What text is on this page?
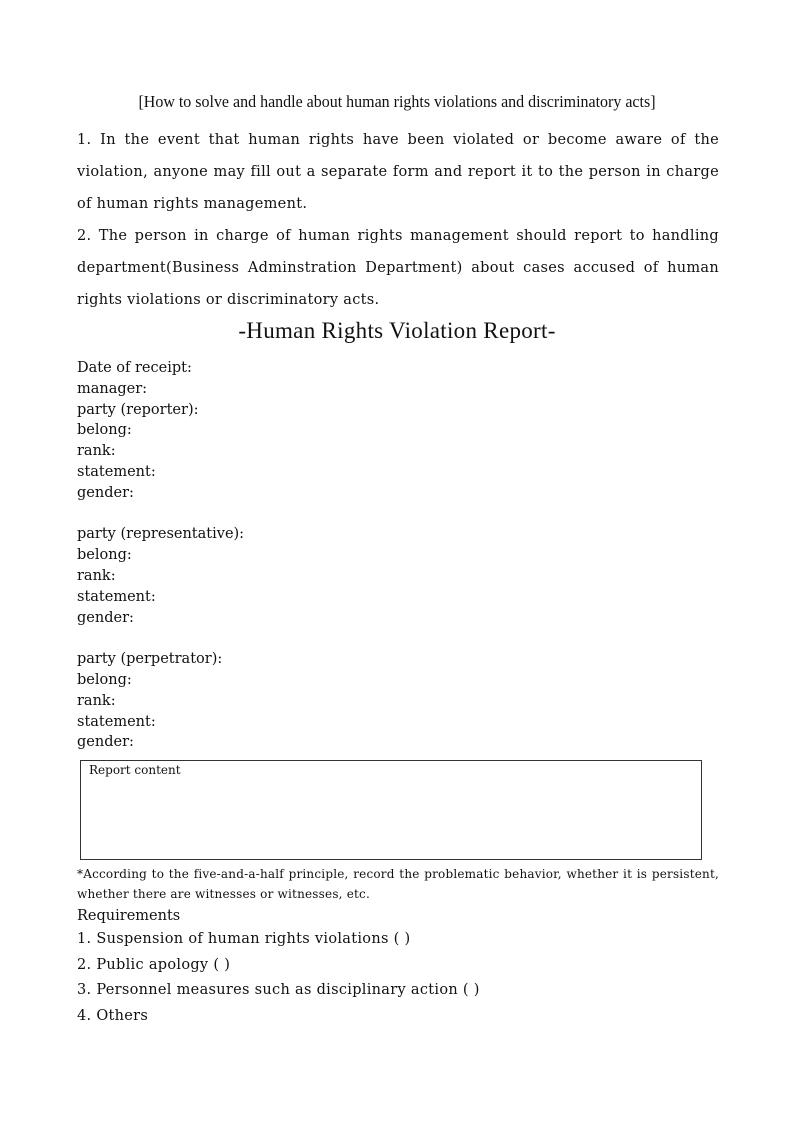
[How to solve and handle about human rights violations and discriminatory acts]

1. In the event that human rights have been violated or become aware of the violation, anyone may fill out a separate form and report it to the person in charge of human rights management.

2. The person in charge of human rights management should report to handling department(Business Adminstration Department) about cases accused of human rights violations or discriminatory acts.

-Human Rights Violation Report-
Date of receipt:
manager:
party (reporter):
belong:
rank:
statement:
gender:
party (representative):
belong:
rank:
statement:
gender:
party (perpetrator):
belong:
rank:
statement:
gender:
Report content
*According to the five-and-a-half principle, record the problematic behavior, whether it is persistent, whether there are witnesses or witnesses, etc.
Requirements
1. Suspension of human rights violations ( )
2. Public apology ( )
3. Personnel measures such as disciplinary action ( )
4. Others
